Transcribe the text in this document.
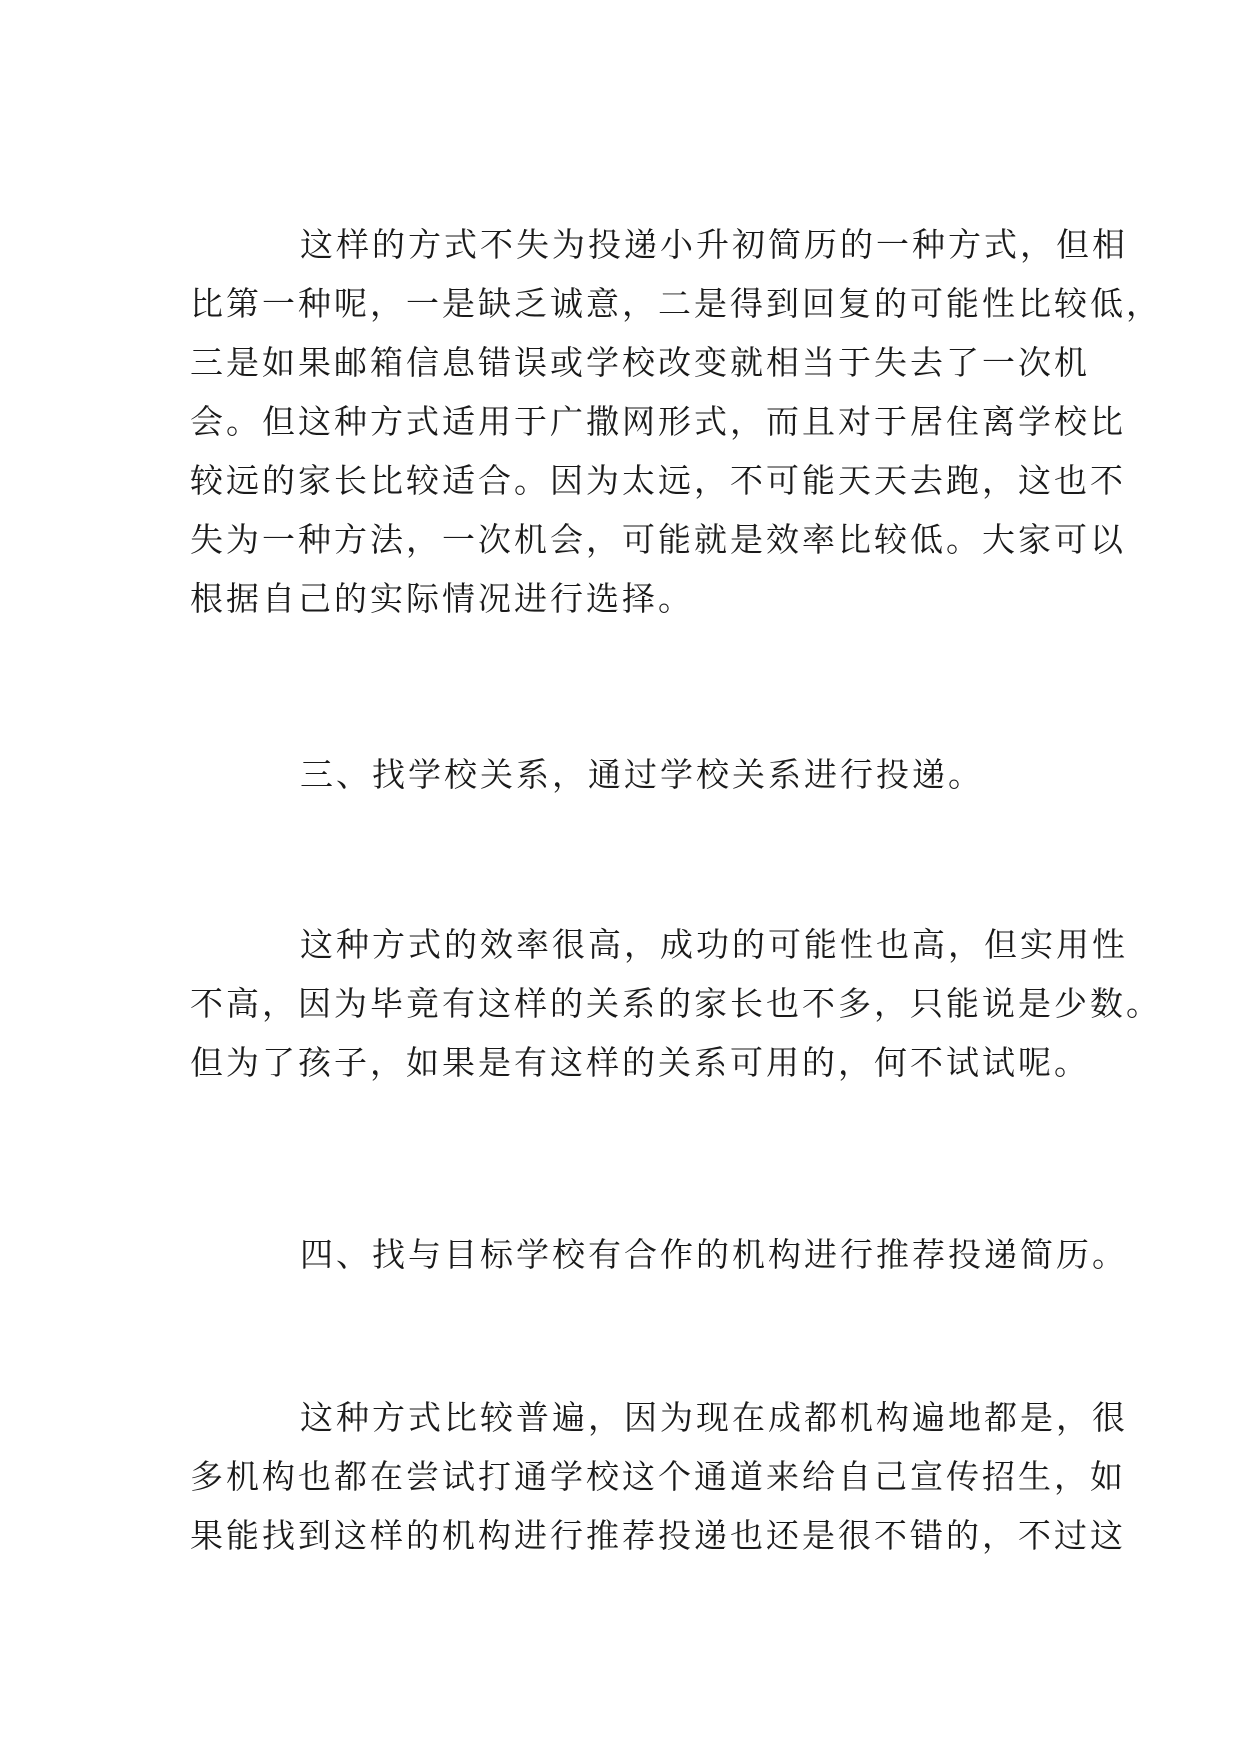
这样的方式不失为投递小升初简历的一种方式，但相
比第一种呢，一是缺乏诚意，二是得到回复的可能性比较低，
三是如果邮箱信息错误或学校改变就相当于失去了一次机
会。但这种方式适用于广撒网形式，而且对于居住离学校比
较远的家长比较适合。因为太远，不可能天天去跑，这也不
失为一种方法，一次机会，可能就是效率比较低。大家可以
根据自己的实际情况进行选择。
三、找学校关系，通过学校关系进行投递。
这种方式的效率很高，成功的可能性也高，但实用性
不高，因为毕竟有这样的关系的家长也不多，只能说是少数。
但为了孩子，如果是有这样的关系可用的，何不试试呢。
四、找与目标学校有合作的机构进行推荐投递简历。
这种方式比较普遍，因为现在成都机构遍地都是，很
多机构也都在尝试打通学校这个通道来给自己宣传招生，如
果能找到这样的机构进行推荐投递也还是很不错的，不过这
